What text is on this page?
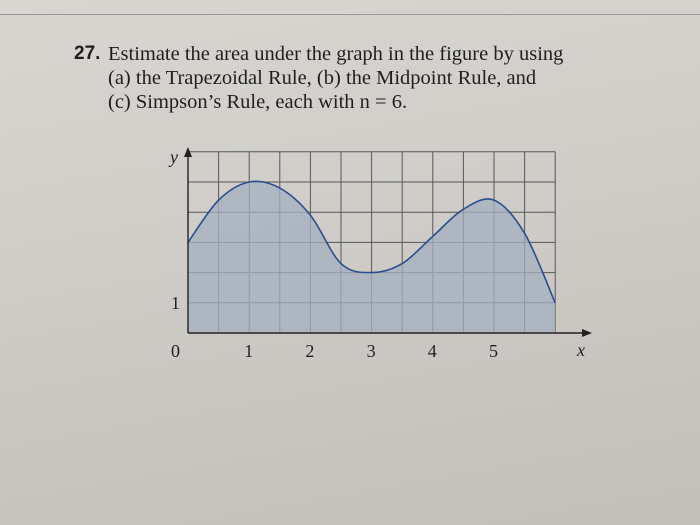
27. Estimate the area under the graph in the figure by using
(a) the Trapezoidal Rule, (b) the Midpoint Rule, and
(c) Simpson’s Rule, each with n = 6.
0	1	2	3	4	5
1
x
y
